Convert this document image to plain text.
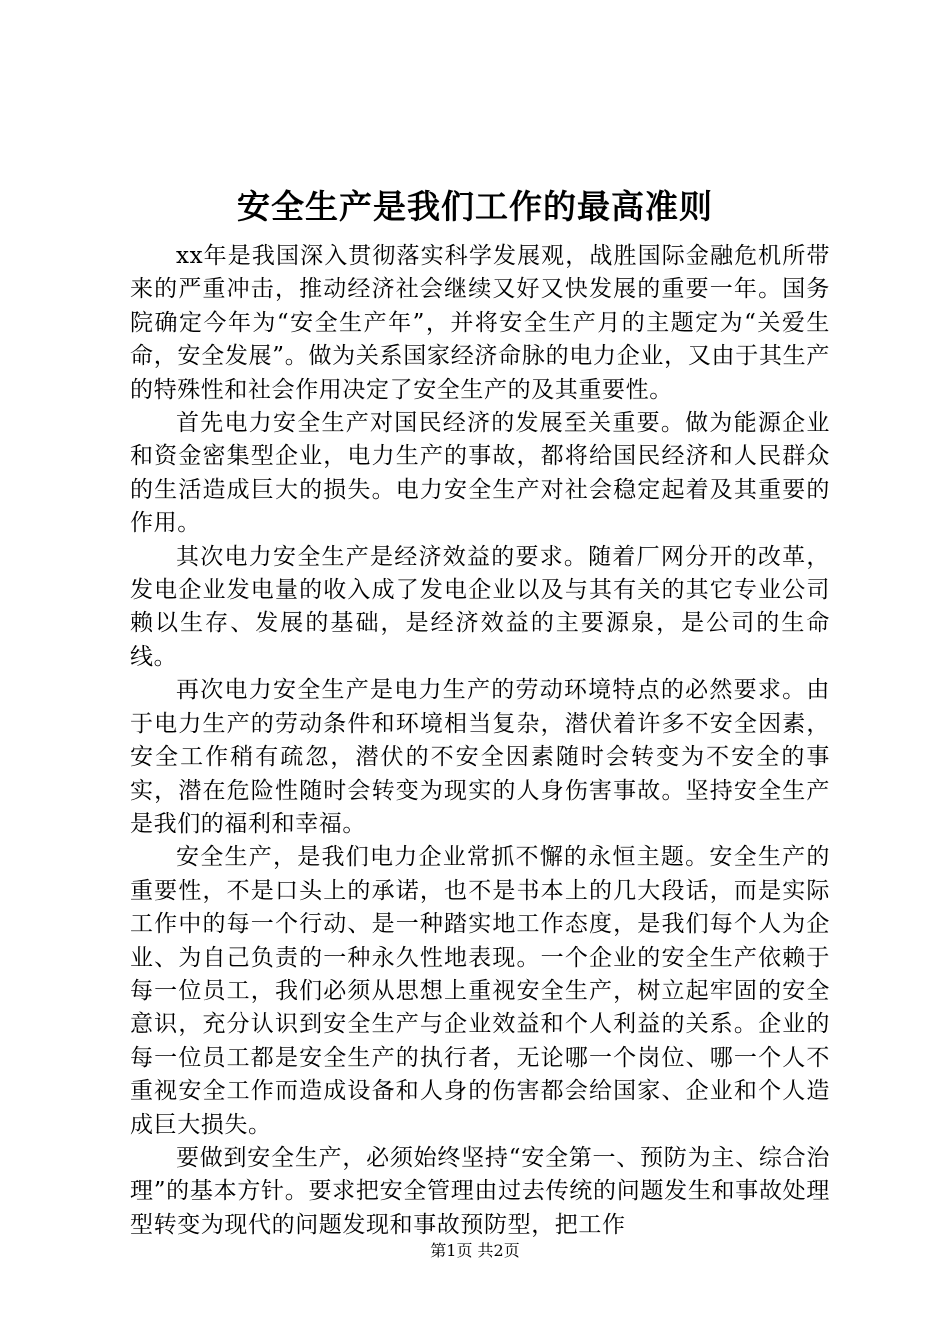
安全生产是我们工作的最高准则

xx年是我国深入贯彻落实科学发展观，战胜国际金融危机所带来的严重冲击，推动经济社会继续又好又快发展的重要一年。国务院确定今年为“安全生产年”，并将安全生产月的主题定为“关爱生命，安全发展”。做为关系国家经济命脉的电力企业，又由于其生产的特殊性和社会作用决定了安全生产的及其重要性。

首先电力安全生产对国民经济的发展至关重要。做为能源企业和资金密集型企业，电力生产的事故，都将给国民经济和人民群众的生活造成巨大的损失。电力安全生产对社会稳定起着及其重要的作用。

其次电力安全生产是经济效益的要求。随着厂网分开的改革，发电企业发电量的收入成了发电企业以及与其有关的其它专业公司赖以生存、发展的基础，是经济效益的主要源泉，是公司的生命线。

再次电力安全生产是电力生产的劳动环境特点的必然要求。由于电力生产的劳动条件和环境相当复杂，潜伏着许多不安全因素，安全工作稍有疏忽，潜伏的不安全因素随时会转变为不安全的事实，潜在危险性随时会转变为现实的人身伤害事故。坚持安全生产是我们的福利和幸福。

安全生产，是我们电力企业常抓不懈的永恒主题。安全生产的重要性，不是口头上的承诺，也不是书本上的几大段话，而是实际工作中的每一个行动、是一种踏实地工作态度，是我们每个人为企业、为自己负责的一种永久性地表现。一个企业的安全生产依赖于每一位员工，我们必须从思想上重视安全生产，树立起牢固的安全意识，充分认识到安全生产与企业效益和个人利益的关系。企业的每一位员工都是安全生产的执行者，无论哪一个岗位、哪一个人不重视安全工作而造成设备和人身的伤害都会给国家、企业和个人造成巨大损失。

要做到安全生产，必须始终坚持“安全第一、预防为主、综合治理”的基本方针。要求把安全管理由过去传统的问题发生和事故处理型转变为现代的问题发现和事故预防型，把工作

第1页 共2页
